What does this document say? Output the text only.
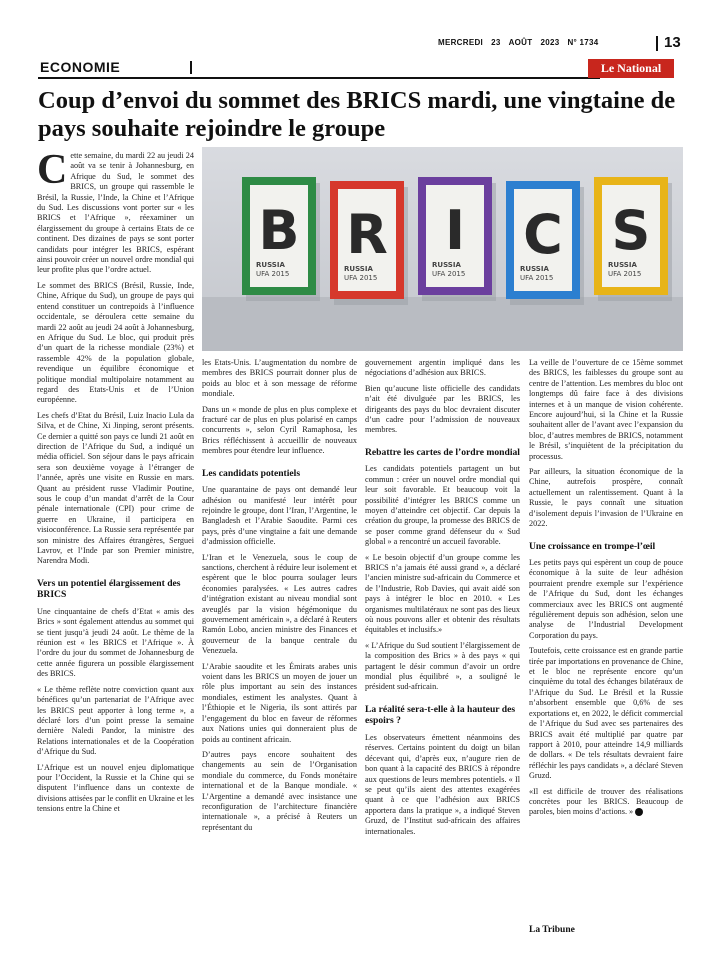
MERCREDI 23 AOÛT 2023 N° 1734	13
ECONOMIE	Le National
Coup d’envoi du sommet des BRICS mardi, une vingtaine de pays souhaite rejoindre le groupe
B
RUSSIA
UFA 2015
R
RUSSIA
UFA 2015
I
RUSSIA
UFA 2015
C
RUSSIA
UFA 2015
S
RUSSIA
UFA 2015

Cette semaine, du mardi 22 au jeudi 24 août va se tenir à Johannesburg, en Afrique du Sud, le sommet des BRICS, un groupe qui rassemble le Brésil, la Russie, l’Inde, la Chine et l’Afrique du Sud. Les discussions vont porter sur « les BRICS et l’Afrique », réexaminer un élargissement du groupe à certains Etats de ce continent. Des dizaines de pays se sont porter candidats pour intégrer les BRICS, espérant ainsi pouvoir créer un nouvel ordre mondial qui leur profite plus que l’ordre actuel.

Le sommet des BRICS (Brésil, Russie, Inde, Chine, Afrique du Sud), un groupe de pays qui entend constituer un contrepoids à l’influence occidentale, se déroulera cette semaine du mardi 22 août au jeudi 24 août à Johannesburg, en Afrique du Sud. Le bloc, qui produit près d’un quart de la richesse mondiale (23%) et rassemble 42% de la population globale, revendique un équilibre économique et politique mondial multipolaire notamment au regard des Etats-Unis et de l’Union européenne.

Les chefs d’Etat du Brésil, Luiz Inacio Lula da Silva, et de Chine, Xi Jinping, seront présents. Ce dernier a quitté son pays ce lundi 21 août en direction de l’Afrique du Sud, a indiqué un média officiel. Son séjour dans le pays africain sera son deuxième voyage à l’étranger de l’année, après une visite en Russie en mars. Quant au président russe Vladimir Poutine, sous le coup d’un mandat d’arrêt de la Cour pénale internationale (CPI) pour crime de guerre en Ukraine, il participera en visioconférence. La Russie sera représentée par son ministre des Affaires étrangères, Serguei Lavrov, et l’Inde par son Premier ministre, Narendra Modi.

Vers un potentiel élargissement des BRICS

Une cinquantaine de chefs d’Etat « amis des Brics » sont également attendus au sommet qui se tient jusqu’à jeudi 24 août. Le thème de la réunion est « les BRICS et l’Afrique ». À l’ordre du jour du sommet de Johannesburg de cette année figurera un possible élargissement des BRICS.

« Le thème reflète notre conviction quant aux bénéfices qu’un partenariat de l’Afrique avec les BRICS peut apporter à long terme », a déclaré lors d’un point presse la semaine dernière Naledi Pandor, la ministre des Relations internationales et de la Coopération d’Afrique du Sud.

L’Afrique est un nouvel enjeu diplomatique pour l’Occident, la Russie et la Chine qui se disputent l’influence dans un contexte de divisions attisées par le conflit en Ukraine et les tensions entre la Chine et

les Etats-Unis. L’augmentation du nombre de membres des BRICS pourrait donner plus de poids au bloc et à son message de réforme mondiale.

Dans un « monde de plus en plus complexe et fracturé car de plus en plus polarisé en camps concurrents », selon Cyril Ramaphosa, les Brics réfléchissent à accueillir de nouveaux membres pour étendre leur influence.

Les candidats potentiels

Une quarantaine de pays ont demandé leur adhésion ou manifesté leur intérêt pour rejoindre le groupe, dont l’Iran, l’Argentine, le Bangladesh et l’Arabie Saoudite. Parmi ces pays, près d’une vingtaine a fait une demande d’admission officielle.

L’Iran et le Venezuela, sous le coup de sanctions, cherchent à réduire leur isolement et espèrent que le bloc pourra soulager leurs économies paralysées. « Les autres cadres d’intégration existant au niveau mondial sont aveuglés par la vision hégémonique du gouvernement américain », a déclaré à Reuters Ramón Lobo, ancien ministre des Finances et gouverneur de la banque centrale du Venezuela.

L’Arabie saoudite et les Émirats arabes unis voient dans les BRICS un moyen de jouer un rôle plus important au sein des instances mondiales, estiment les analystes. Quant à l’Éthiopie et le Nigeria, ils sont attirés par l’engagement du bloc en faveur de réformes aux Nations unies qui donneraient plus de poids au continent africain.

D’autres pays encore souhaitent des changements au sein de l’Organisation mondiale du commerce, du Fonds monétaire international et de la Banque mondiale. « L’Argentine a demandé avec insistance une reconfiguration de l’architecture financière internationale », a précisé à Reuters un représentant du

gouvernement argentin impliqué dans les négociations d’adhésion aux BRICS.

Bien qu’aucune liste officielle des candidats n’ait été divulguée par les BRICS, les dirigeants des pays du bloc devraient discuter d’un cadre pour l’admission de nouveaux membres.

Rebattre les cartes de l’ordre mondial

Les candidats potentiels partagent un but commun : créer un nouvel ordre mondial qui leur soit favorable. Et beaucoup voit la possibilité d’intégrer les BRICS comme un moyen d’atteindre cet objectif. Car depuis la création du groupe, la promesse des BRICS de se poser comme grand défenseur du « Sud global » a rencontré un accueil favorable.

« Le besoin objectif d’un groupe comme les BRICS n’a jamais été aussi grand », a déclaré l’ancien ministre sud-africain du Commerce et de l’Industrie, Rob Davies, qui avait aidé son pays à intégrer le bloc en 2010. « Les organismes multilatéraux ne sont pas des lieux où nous pouvons aller et obtenir des résultats équitables et inclusifs.»

« L’Afrique du Sud soutient l’élargissement de la composition des Brics » à des pays « qui partagent le désir commun d’avoir un ordre mondial plus équilibré », a souligné le président sud-africain.

La réalité sera-t-elle à la hauteur des espoirs ?

Les observateurs émettent néanmoins des réserves. Certains pointent du doigt un bilan décevant qui, d’après eux, n’augure rien de bon quant à la capacité des BRICS à répondre aux questions de leurs membres potentiels. « Il se peut qu’ils aient des attentes exagérées quant à ce que l’adhésion aux BRICS apportera dans la pratique », a indiqué Steven Gruzd, de l’Institut sud-africain des affaires internationales.

La veille de l’ouverture de ce 15ème sommet des BRICS, les faiblesses du groupe sont au centre de l’attention. Les membres du bloc ont longtemps dû faire face à des divisions internes et à un manque de vision cohérente. Encore aujourd’hui, si la Chine et la Russie souhaitent aller de l’avant avec l’expansion du bloc, d’autres membres de BRICS, notamment le Brésil, s’inquiètent de la précipitation du processus.

Par ailleurs, la situation économique de la Chine, autrefois prospère, connaît actuellement un ralentissement. Quant à la Russie, le pays connaît une situation d’isolement depuis l’invasion de l’Ukraine en 2022.

Une croissance en trompe-l’œil

Les petits pays qui espèrent un coup de pouce économique à la suite de leur adhésion pourraient prendre exemple sur l’expérience de l’Afrique du Sud, dont les échanges commerciaux avec les BRICS ont augmenté régulièrement depuis son adhésion, selon une analyse de l’Industrial Development Corporation du pays.

Toutefois, cette croissance est en grande partie tirée par importations en provenance de Chine, et le bloc ne représente encore qu’un cinquième du total des échanges bilatéraux de l’Afrique du Sud. Le Brésil et la Russie n’absorbent ensemble que 0,6% de ses exportations et, en 2022, le déficit commercial de l’Afrique du Sud avec ses partenaires des BRICS avait été multiplié par quatre par rapport à 2010, pour atteindre 14,9 milliards de dollars. « De tels résultats devraient faire réfléchir les pays candidats », a déclaré Steven Gruzd.

«Il est difficile de trouver des réalisations concrètes pour les BRICS. Beaucoup de paroles, bien moins d’actions. »

La Tribune
